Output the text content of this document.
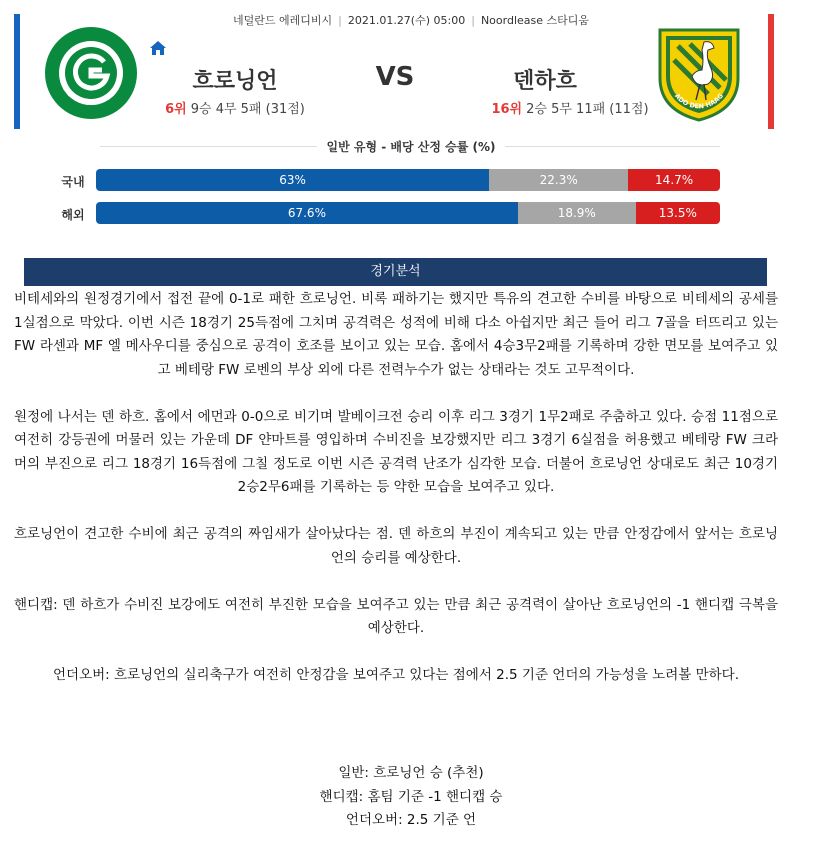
네덜란드 에레디비시 | 2021.01.27(수) 05:00 | Noordlease 스타디움
FC GRONINGEN	흐로닝언	VS	덴하흐
6위 9승 4무 5패 (31점)	16위 2승 5무 11패 (11점)
ADO DEN HAAG
일반 유형 - 배당 산정 승률 (%)
국내	63%	22.3%	14.7%
해외	67.6%	18.9%	13.5%
경기분석

비테세와의 원정경기에서 접전 끝에 0-1로 패한 흐로닝언. 비록 패하기는 했지만 특유의 견고한 수비를 바탕으로 비테세의 공세를 1실점으로 막았다. 이번 시즌 18경기 25득점에 그치며 공격력은 성적에 비해 다소 아쉽지만 최근 들어 리그 7골을 터뜨리고 있는 FW 라센과 MF 엘 메사우디를 중심으로 공격이 호조를 보이고 있는 모습. 홈에서 4승3무2패를 기록하며 강한 면모를 보여주고 있고 베테랑 FW 로벤의 부상 외에 다른 전력누수가 없는 상태라는 것도 고무적이다.

원정에 나서는 덴 하흐. 홈에서 에먼과 0-0으로 비기며 발베이크전 승리 이후 리그 3경기 1무2패로 주춤하고 있다. 승점 11점으로 여전히 강등권에 머물러 있는 가운데 DF 얀마트를 영입하며 수비진을 보강했지만 리그 3경기 6실점을 허용했고 베테랑 FW 크라머의 부진으로 리그 18경기 16득점에 그칠 정도로 이번 시즌 공격력 난조가 심각한 모습. 더불어 흐로닝언 상대로도 최근 10경기 2승2무6패를 기록하는 등 약한 모습을 보여주고 있다.

흐로닝언이 견고한 수비에 최근 공격의 짜임새가 살아났다는 점. 덴 하흐의 부진이 계속되고 있는 만큼 안정감에서 앞서는 흐로닝언의 승리를 예상한다.

핸디캡: 덴 하흐가 수비진 보강에도 여전히 부진한 모습을 보여주고 있는 만큼 최근 공격력이 살아난 흐로닝언의 -1 핸디캡 극복을 예상한다.

언더오버: 흐로닝언의 실리축구가 여전히 안정감을 보여주고 있다는 점에서 2.5 기준 언더의 가능성을 노려볼 만하다.

일반: 흐로닝언 승 (추천)
핸디캡: 홈팀 기준 -1 핸디캡 승
언더오버: 2.5 기준 언
